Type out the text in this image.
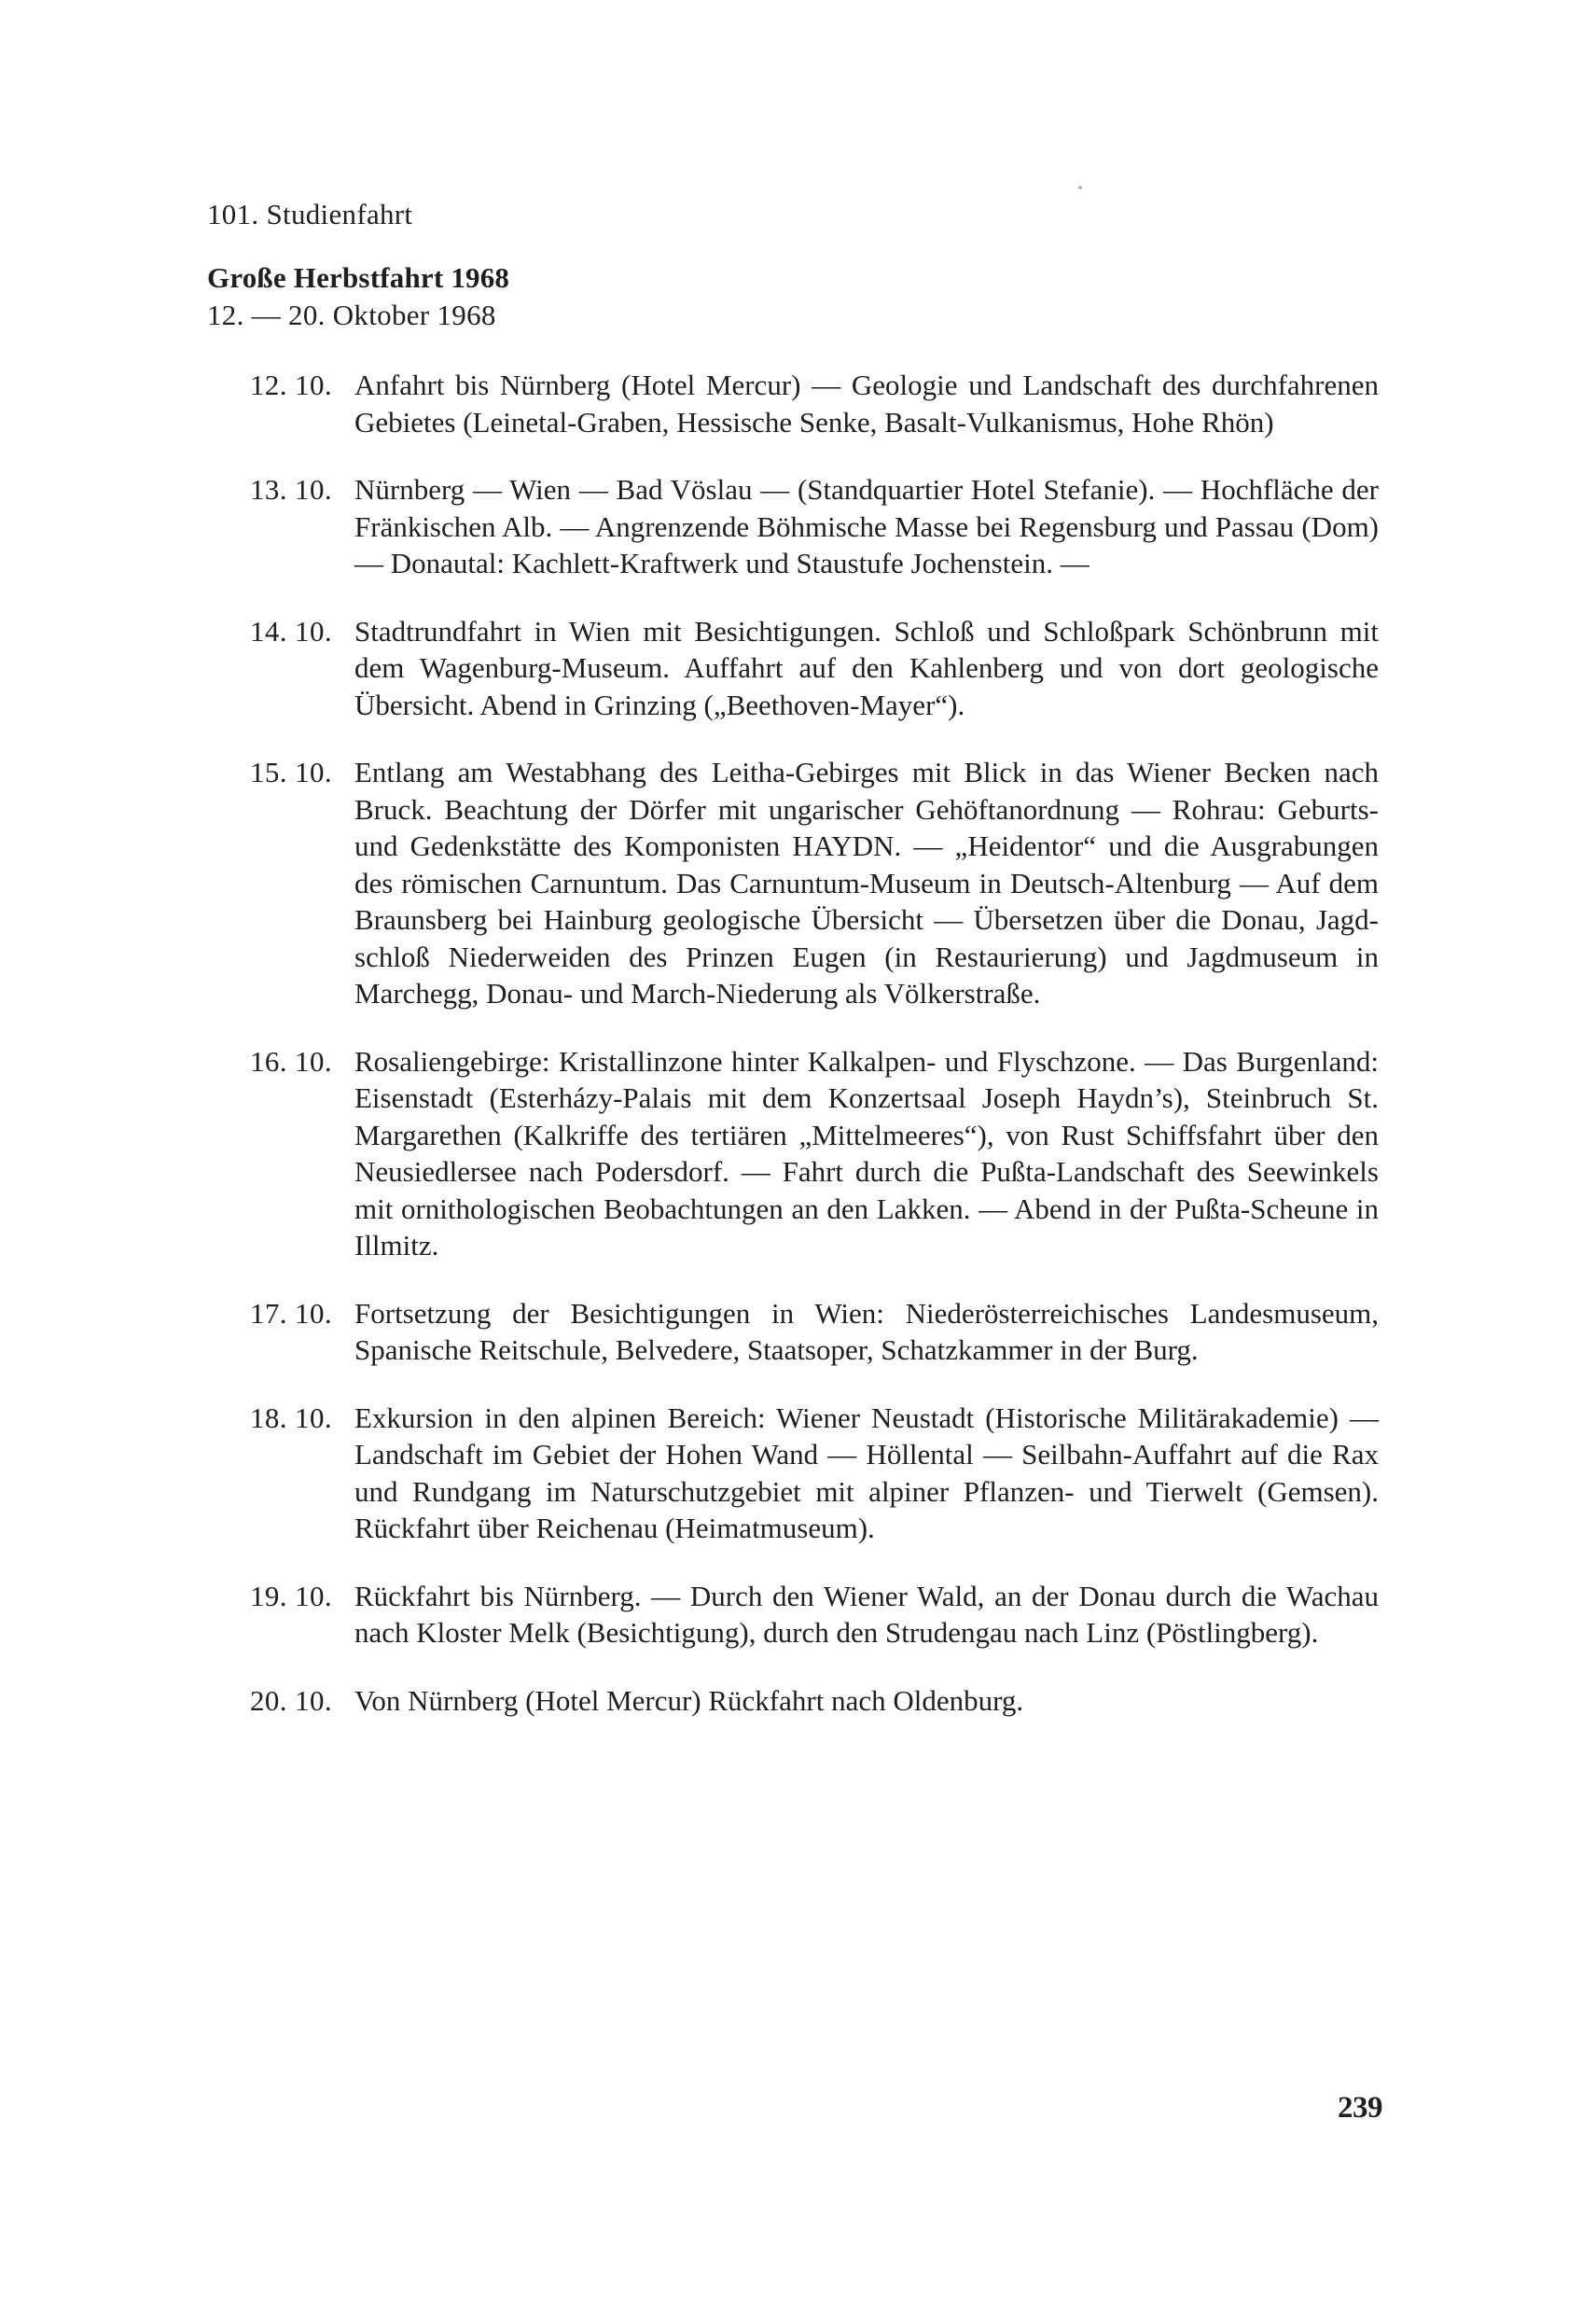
101. Studienfahrt
Große Herbstfahrt 1968
12. — 20. Oktober 1968
12. 10. Anfahrt bis Nürnberg (Hotel Mercur) — Geologie und Landschaft des durchfahrenen Gebietes (Leinetal-Graben, Hessische Senke, Basalt-Vulkanismus, Hohe Rhön)
13. 10. Nürnberg — Wien — Bad Vöslau — (Standquartier Hotel Stefanie). — Hochfläche der Fränkischen Alb. — Angrenzende Böhmische Masse bei Regensburg und Passau (Dom) — Donautal: Kachlett-Kraftwerk und Staustufe Jochenstein. —
14. 10. Stadtrundfahrt in Wien mit Besichtigungen. Schloß und Schloßpark Schönbrunn mit dem Wagenburg-Museum. Auffahrt auf den Kahlenberg und von dort geologische Übersicht. Abend in Grinzing („Beethoven-Mayer“).
15. 10. Entlang am Westabhang des Leitha-Gebirges mit Blick in das Wiener Becken nach Bruck. Beachtung der Dörfer mit ungarischer Gehöftanordnung — Rohrau: Geburts- und Gedenkstätte des Komponisten HAYDN. — „Heidentor“ und die Ausgrabungen des römischen Carnuntum. Das Carnuntum-Museum in Deutsch-Altenburg — Auf dem Braunsberg bei Hainburg geologische Übersicht — Übersetzen über die Donau, Jagdschloß Niederweiden des Prinzen Eugen (in Restaurierung) und Jagdmuseum in Marchegg, Donau- und March-Niederung als Völkerstraße.
16. 10. Rosaliengebirge: Kristallinzone hinter Kalkalpen- und Flyschzone. — Das Burgenland: Eisenstadt (Esterházy-Palais mit dem Konzertsaal Joseph Haydn’s), Steinbruch St. Margarethen (Kalkriffe des tertiären „Mittelmeeres“), von Rust Schiffsfahrt über den Neusiedlersee nach Podersdorf. — Fahrt durch die Pußta-Landschaft des Seewinkels mit ornithologischen Beobachtungen an den Lakken. — Abend in der Pußta-Scheune in Illmitz.
17. 10. Fortsetzung der Besichtigungen in Wien: Niederösterreichisches Landesmuseum, Spanische Reitschule, Belvedere, Staatsoper, Schatzkammer in der Burg.
18. 10. Exkursion in den alpinen Bereich: Wiener Neustadt (Historische Militärakademie) — Landschaft im Gebiet der Hohen Wand — Höllental — Seilbahn-Auffahrt auf die Rax und Rundgang im Naturschutzgebiet mit alpiner Pflanzen- und Tierwelt (Gemsen). Rückfahrt über Reichenau (Heimatmuseum).
19. 10. Rückfahrt bis Nürnberg. — Durch den Wiener Wald, an der Donau durch die Wachau nach Kloster Melk (Besichtigung), durch den Strudengau nach Linz (Pöstlingberg).
20. 10. Von Nürnberg (Hotel Mercur) Rückfahrt nach Oldenburg.
239
